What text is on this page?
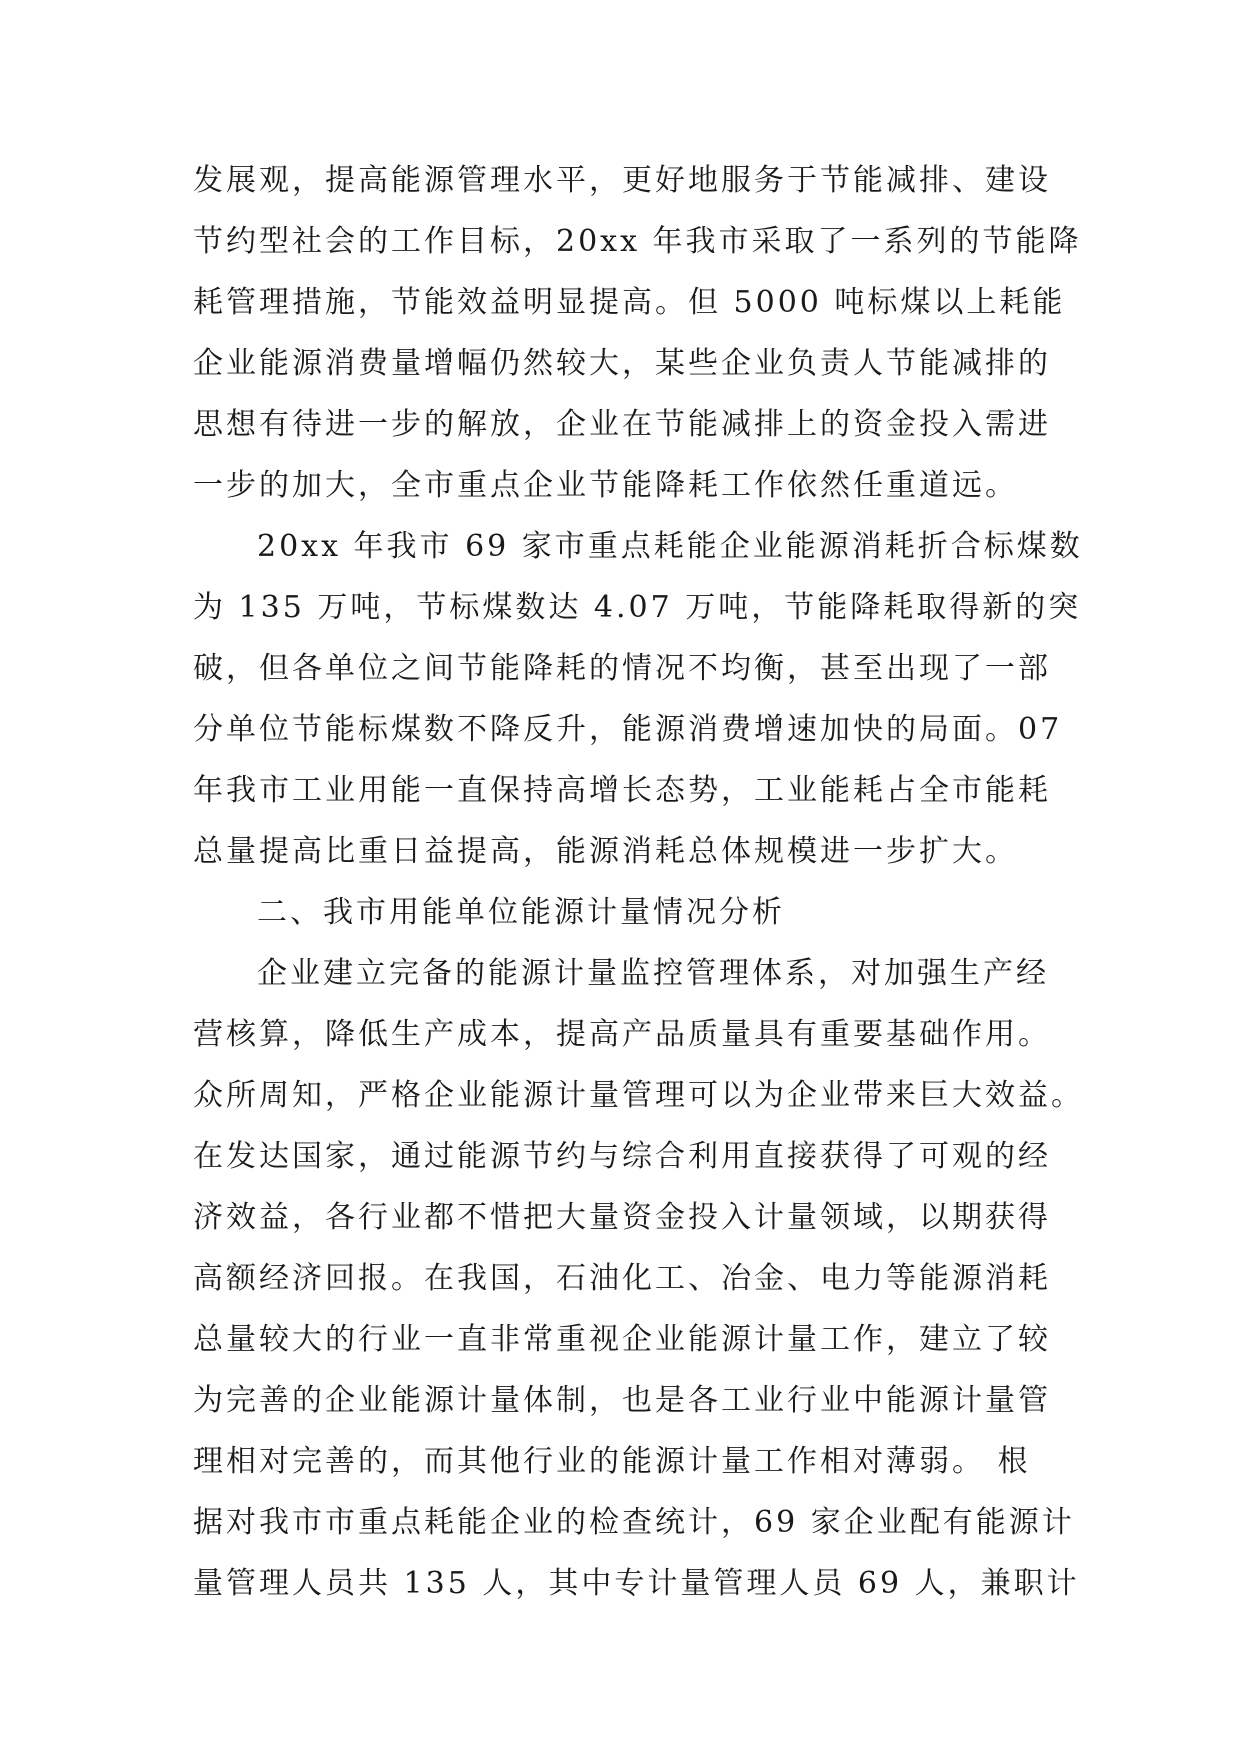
发展观，提高能源管理水平，更好地服务于节能减排、建设
节约型社会的工作目标，20xx 年我市采取了一系列的节能降
耗管理措施，节能效益明显提高。但 5000 吨标煤以上耗能
企业能源消费量增幅仍然较大，某些企业负责人节能减排的
思想有待进一步的解放，企业在节能减排上的资金投入需进
一步的加大，全市重点企业节能降耗工作依然任重道远。
20xx 年我市 69 家市重点耗能企业能源消耗折合标煤数
为 135 万吨，节标煤数达 4.07 万吨，节能降耗取得新的突
破，但各单位之间节能降耗的情况不均衡，甚至出现了一部
分单位节能标煤数不降反升，能源消费增速加快的局面。07
年我市工业用能一直保持高增长态势，工业能耗占全市能耗
总量提高比重日益提高，能源消耗总体规模进一步扩大。
二、我市用能单位能源计量情况分析
企业建立完备的能源计量监控管理体系，对加强生产经
营核算，降低生产成本，提高产品质量具有重要基础作用。
众所周知，严格企业能源计量管理可以为企业带来巨大效益。
在发达国家，通过能源节约与综合利用直接获得了可观的经
济效益，各行业都不惜把大量资金投入计量领域，以期获得
高额经济回报。在我国，石油化工、冶金、电力等能源消耗
总量较大的行业一直非常重视企业能源计量工作，建立了较
为完善的企业能源计量体制，也是各工业行业中能源计量管
理相对完善的，而其他行业的能源计量工作相对薄弱。 根
据对我市市重点耗能企业的检查统计，69 家企业配有能源计
量管理人员共 135 人，其中专计量管理人员 69 人，兼职计
